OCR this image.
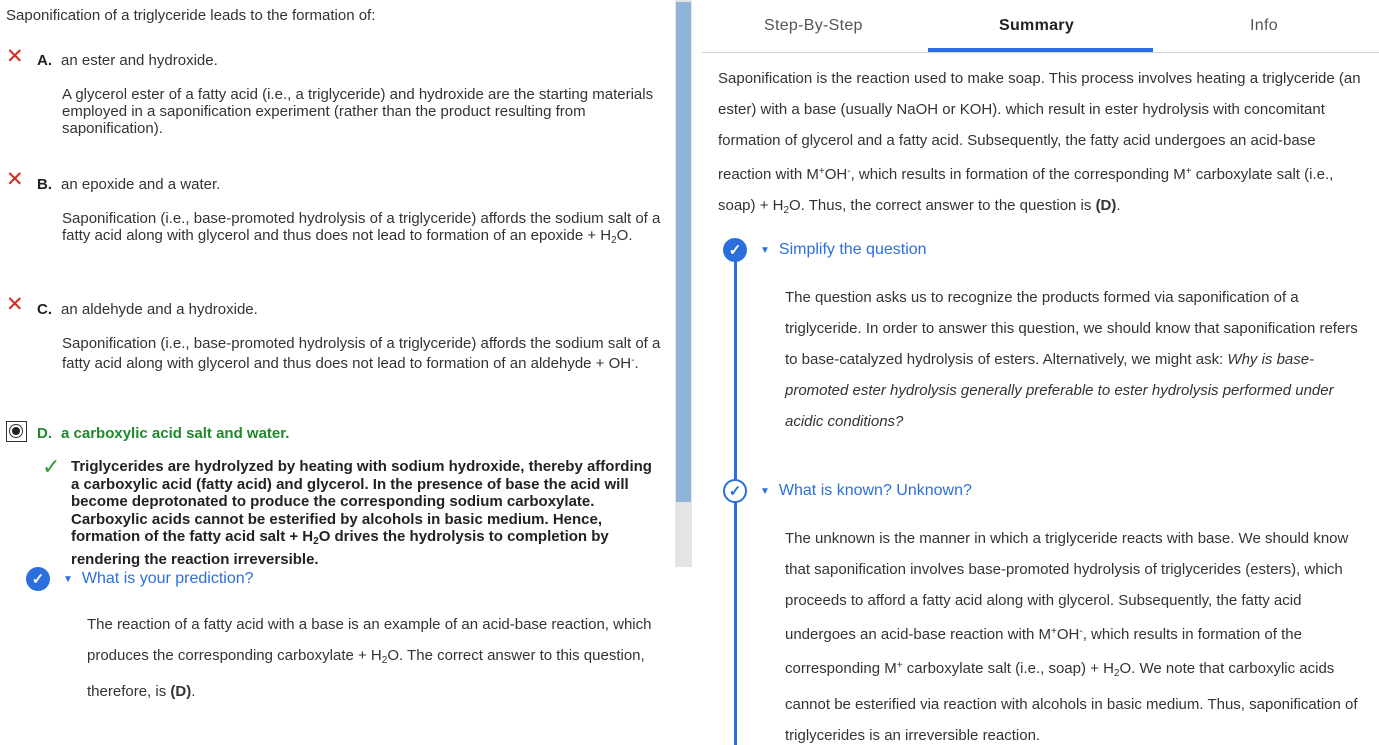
Saponification of a triglyceride leads to the formation of:
✕ A. an ester and hydroxide.
A glycerol ester of a fatty acid (i.e., a triglyceride) and hydroxide are the starting materials employed in a saponification experiment (rather than the product resulting from saponification).
✕ B. an epoxide and a water.
Saponification (i.e., base-promoted hydrolysis of a triglyceride) affords the sodium salt of a fatty acid along with glycerol and thus does not lead to formation of an epoxide + $H_2O$.
✕ C. an aldehyde and a hydroxide.
Saponification (i.e., base-promoted hydrolysis of a triglyceride) affords the sodium salt of a fatty acid along with glycerol and thus does not lead to formation of an aldehyde + OH-.
D. a carboxylic acid salt and water.
✓ Triglycerides are hydrolyzed by heating with sodium hydroxide, thereby affording a carboxylic acid (fatty acid) and glycerol. In the presence of base the acid will become deprotonated to produce the corresponding sodium carboxylate. Carboxylic acids cannot be esterified by alcohols in basic medium. Hence, formation of the fatty acid salt + $H_2O$ drives the hydrolysis to completion by rendering the reaction irreversible.
✓	▼ What is your prediction?
The reaction of a fatty acid with a base is an example of an acid-base reaction, which produces the corresponding carboxylate + $H_2O$. The correct answer to this question, therefore, is (D).
Step-By-Step	Summary	Info
Saponification is the reaction used to make soap. This process involves heating a triglyceride (an ester) with a base (usually NaOH or KOH). which result in ester hydrolysis with concomitant formation of glycerol and a fatty acid. Subsequently, the fatty acid undergoes an acid-base reaction with M+OH-, which results in formation of the corresponding M+ carboxylate salt (i.e., soap) + $H_2O$. Thus, the correct answer to the question is (D).
✓	▼ Simplify the question
The question asks us to recognize the products formed via saponification of a triglyceride. In order to answer this question, we should know that saponification refers to base-catalyzed hydrolysis of esters. Alternatively, we might ask: Why is base-promoted ester hydrolysis generally preferable to ester hydrolysis performed under acidic conditions?
✓	▼ What is known? Unknown?
The unknown is the manner in which a triglyceride reacts with base. We should know that saponification involves base-promoted hydrolysis of triglycerides (esters), which proceeds to afford a fatty acid along with glycerol. Subsequently, the fatty acid undergoes an acid-base reaction with M+OH-, which results in formation of the corresponding M+ carboxylate salt (i.e., soap) + $H_2O$. We note that carboxylic acids cannot be esterified via reaction with alcohols in basic medium. Thus, saponification of triglycerides is an irreversible reaction.
